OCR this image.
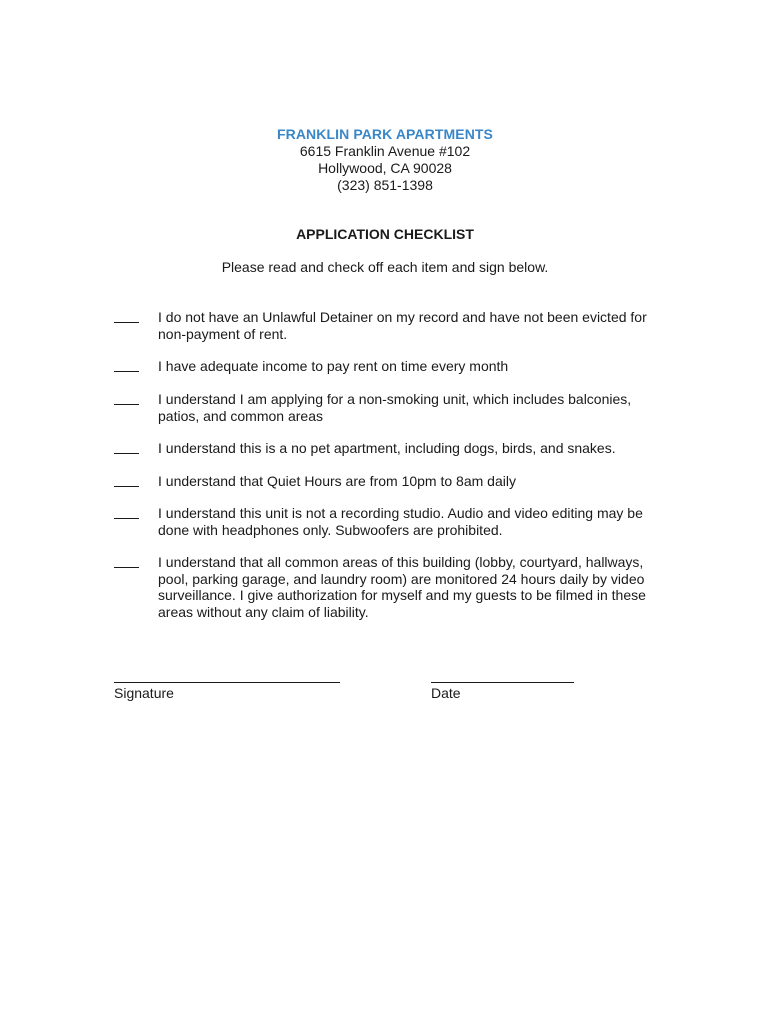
FRANKLIN PARK APARTMENTS
6615 Franklin Avenue #102
Hollywood, CA 90028
(323) 851-1398
APPLICATION CHECKLIST
Please read and check off each item and sign below.
I do not have an Unlawful Detainer on my record and have not been evicted for non-payment of rent.
I have adequate income to pay rent on time every month
I understand I am applying for a non-smoking unit, which includes balconies, patios, and common areas
I understand this is a no pet apartment, including dogs, birds, and snakes.
I understand that Quiet Hours are from 10pm to 8am daily
I understand this unit is not a recording studio. Audio and video editing may be done with headphones only. Subwoofers are prohibited.
I understand that all common areas of this building (lobby, courtyard, hallways, pool, parking garage, and laundry room) are monitored 24 hours daily by video surveillance. I give authorization for myself and my guests to be filmed in these areas without any claim of liability.
Signature	Date
